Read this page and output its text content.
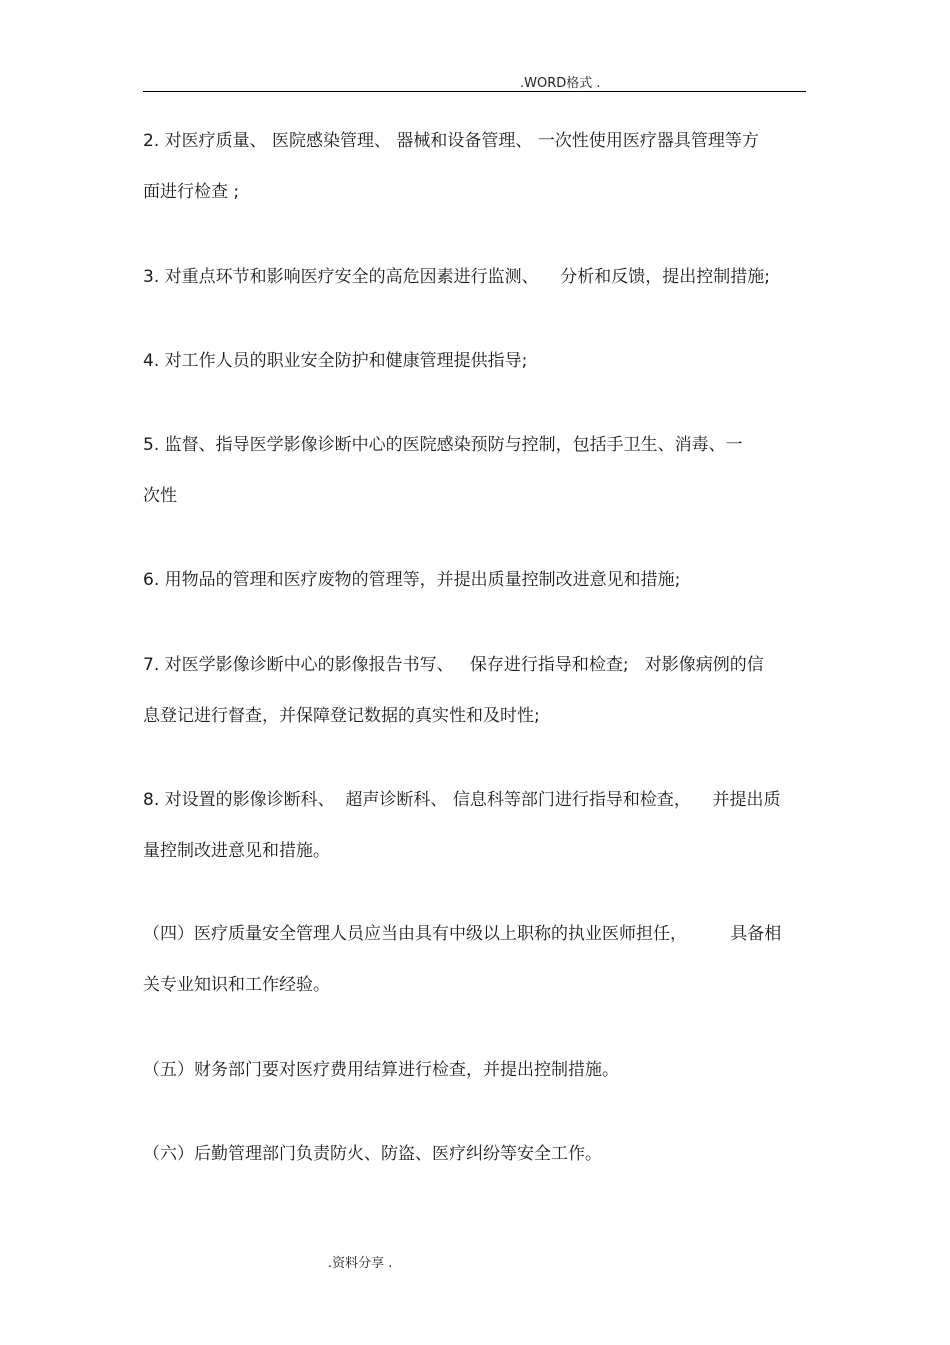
.WORD格式 .
2. 对医疗质量、 医院感染管理、 器械和设备管理、 一次性使用医疗器具管理等方
面进行检查 ;
3. 对重点环节和影响医疗安全的高危因素进行监测、    分析和反馈，提出控制措施;
4. 对工作人员的职业安全防护和健康管理提供指导;
5. 监督、指导医学影像诊断中心的医院感染预防与控制，包括手卫生、消毒、一
次性
6. 用物品的管理和医疗废物的管理等，并提出质量控制改进意见和措施;
7. 对医学影像诊断中心的影像报告书写、   保存进行指导和检查;   对影像病例的信
息登记进行督查，并保障登记数据的真实性和及时性;
8. 对设置的影像诊断科、  超声诊断科、 信息科等部门进行指导和检查，    并提出质
量控制改进意见和措施。
（四）医疗质量安全管理人员应当由具有中级以上职称的执业医师担任，        具备相
关专业知识和工作经验。
（五）财务部门要对医疗费用结算进行检查，并提出控制措施。
（六）后勤管理部门负责防火、防盗、医疗纠纷等安全工作。
.资料分享 .
